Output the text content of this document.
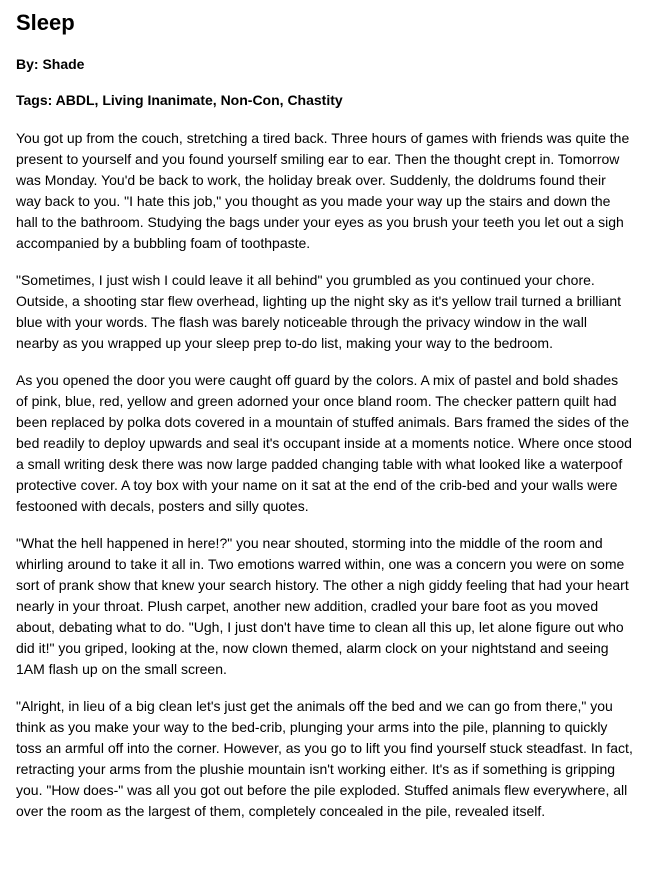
Sleep

By: Shade

Tags: ABDL, Living Inanimate, Non-Con, Chastity

You got up from the couch, stretching a tired back. Three hours of games with friends was quite the present to yourself and you found yourself smiling ear to ear. Then the thought crept in. Tomorrow was Monday. You'd be back to work, the holiday break over. Suddenly, the doldrums found their way back to you. "I hate this job," you thought as you made your way up the stairs and down the hall to the bathroom. Studying the bags under your eyes as you brush your teeth you let out a sigh accompanied by a bubbling foam of toothpaste.

"Sometimes, I just wish I could leave it all behind" you grumbled as you continued your chore. Outside, a shooting star flew overhead, lighting up the night sky as it's yellow trail turned a brilliant blue with your words. The flash was barely noticeable through the privacy window in the wall nearby as you wrapped up your sleep prep to-do list, making your way to the bedroom.

As you opened the door you were caught off guard by the colors. A mix of pastel and bold shades of pink, blue, red, yellow and green adorned your once bland room. The checker pattern quilt had been replaced by polka dots covered in a mountain of stuffed animals. Bars framed the sides of the bed readily to deploy upwards and seal it's occupant inside at a moments notice. Where once stood a small writing desk there was now large padded changing table with what looked like a waterpoof protective cover. A toy box with your name on it sat at the end of the crib-bed and your walls were festooned with decals, posters and silly quotes.

"What the hell happened in here!?" you near shouted, storming into the middle of the room and whirling around to take it all in. Two emotions warred within, one was a concern you were on some sort of prank show that knew your search history. The other a nigh giddy feeling that had your heart nearly in your throat. Plush carpet, another new addition, cradled your bare foot as you moved about, debating what to do. "Ugh, I just don't have time to clean all this up, let alone figure out who did it!" you griped, looking at the, now clown themed, alarm clock on your nightstand and seeing 1AM flash up on the small screen.

"Alright, in lieu of a big clean let's just get the animals off the bed and we can go from there," you think as you make your way to the bed-crib, plunging your arms into the pile, planning to quickly toss an armful off into the corner. However, as you go to lift you find yourself stuck steadfast. In fact, retracting your arms from the plushie mountain isn't working either. It's as if something is gripping you. "How does-" was all you got out before the pile exploded. Stuffed animals flew everywhere, all over the room as the largest of them, completely concealed in the pile, revealed itself.
